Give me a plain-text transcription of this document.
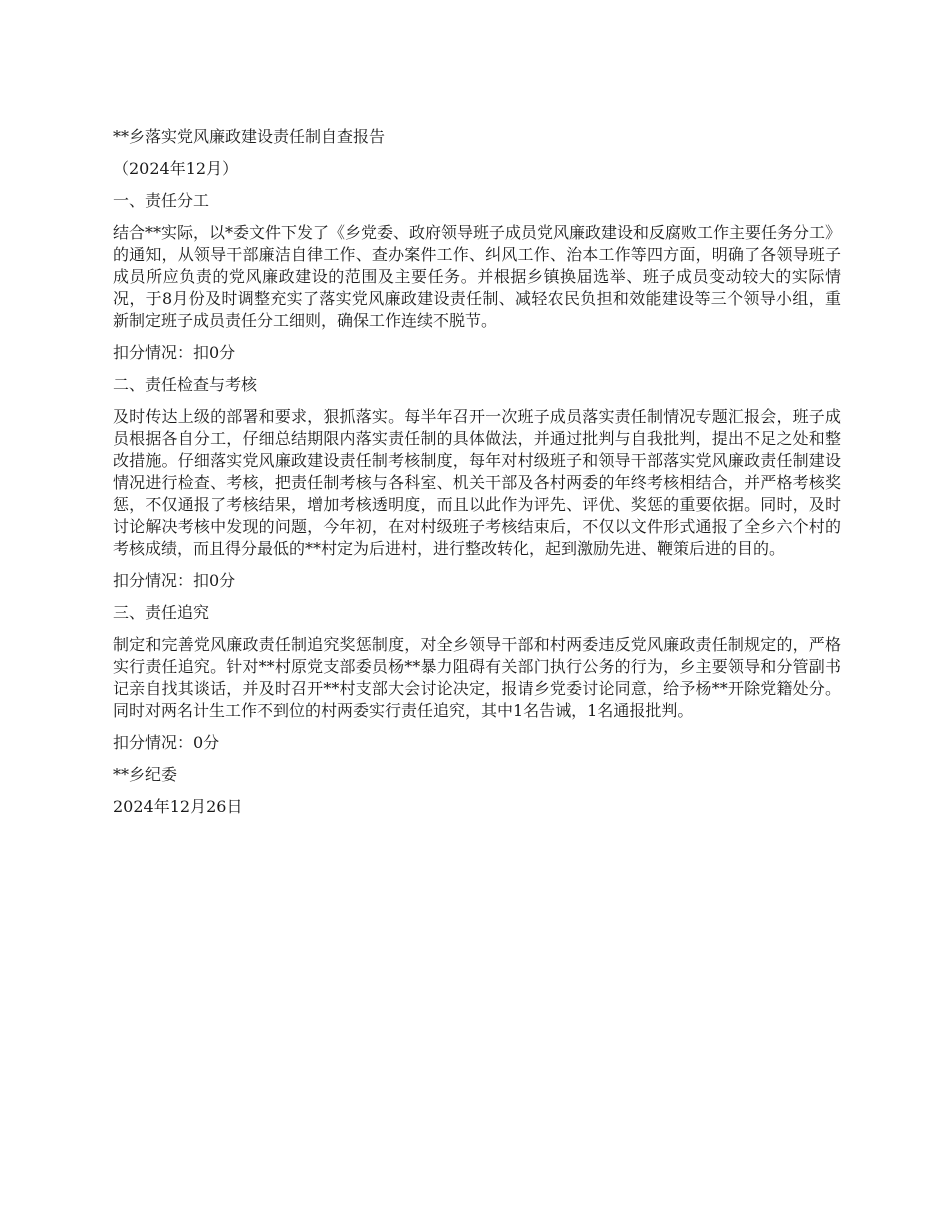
**乡落实党风廉政建设责任制自查报告

（2024年12月）

一、责任分工

结合**实际，以*委文件下发了《乡党委、政府领导班子成员党风廉政建设和反腐败工作主要任务分工》的通知，从领导干部廉洁自律工作、查办案件工作、纠风工作、治本工作等四方面，明确了各领导班子成员所应负责的党风廉政建设的范围及主要任务。并根据乡镇换届选举、班子成员变动较大的实际情况，于8月份及时调整充实了落实党风廉政建设责任制、减轻农民负担和效能建设等三个领导小组，重新制定班子成员责任分工细则，确保工作连续不脱节。

扣分情况：扣0分

二、责任检查与考核

及时传达上级的部署和要求，狠抓落实。每半年召开一次班子成员落实责任制情况专题汇报会，班子成员根据各自分工，仔细总结期限内落实责任制的具体做法，并通过批判与自我批判，提出不足之处和整改措施。仔细落实党风廉政建设责任制考核制度，每年对村级班子和领导干部落实党风廉政责任制建设情况进行检查、考核，把责任制考核与各科室、机关干部及各村两委的年终考核相结合，并严格考核奖惩，不仅通报了考核结果，增加考核透明度，而且以此作为评先、评优、奖惩的重要依据。同时，及时讨论解决考核中发现的问题，今年初，在对村级班子考核结束后，不仅以文件形式通报了全乡六个村的考核成绩，而且得分最低的**村定为后进村，进行整改转化，起到激励先进、鞭策后进的目的。

扣分情况：扣0分

三、责任追究

制定和完善党风廉政责任制追究奖惩制度，对全乡领导干部和村两委违反党风廉政责任制规定的，严格实行责任追究。针对**村原党支部委员杨**暴力阻碍有关部门执行公务的行为，乡主要领导和分管副书记亲自找其谈话，并及时召开**村支部大会讨论决定，报请乡党委讨论同意，给予杨**开除党籍处分。同时对两名计生工作不到位的村两委实行责任追究，其中1名告诫，1名通报批判。

扣分情况：0分

**乡纪委

2024年12月26日
